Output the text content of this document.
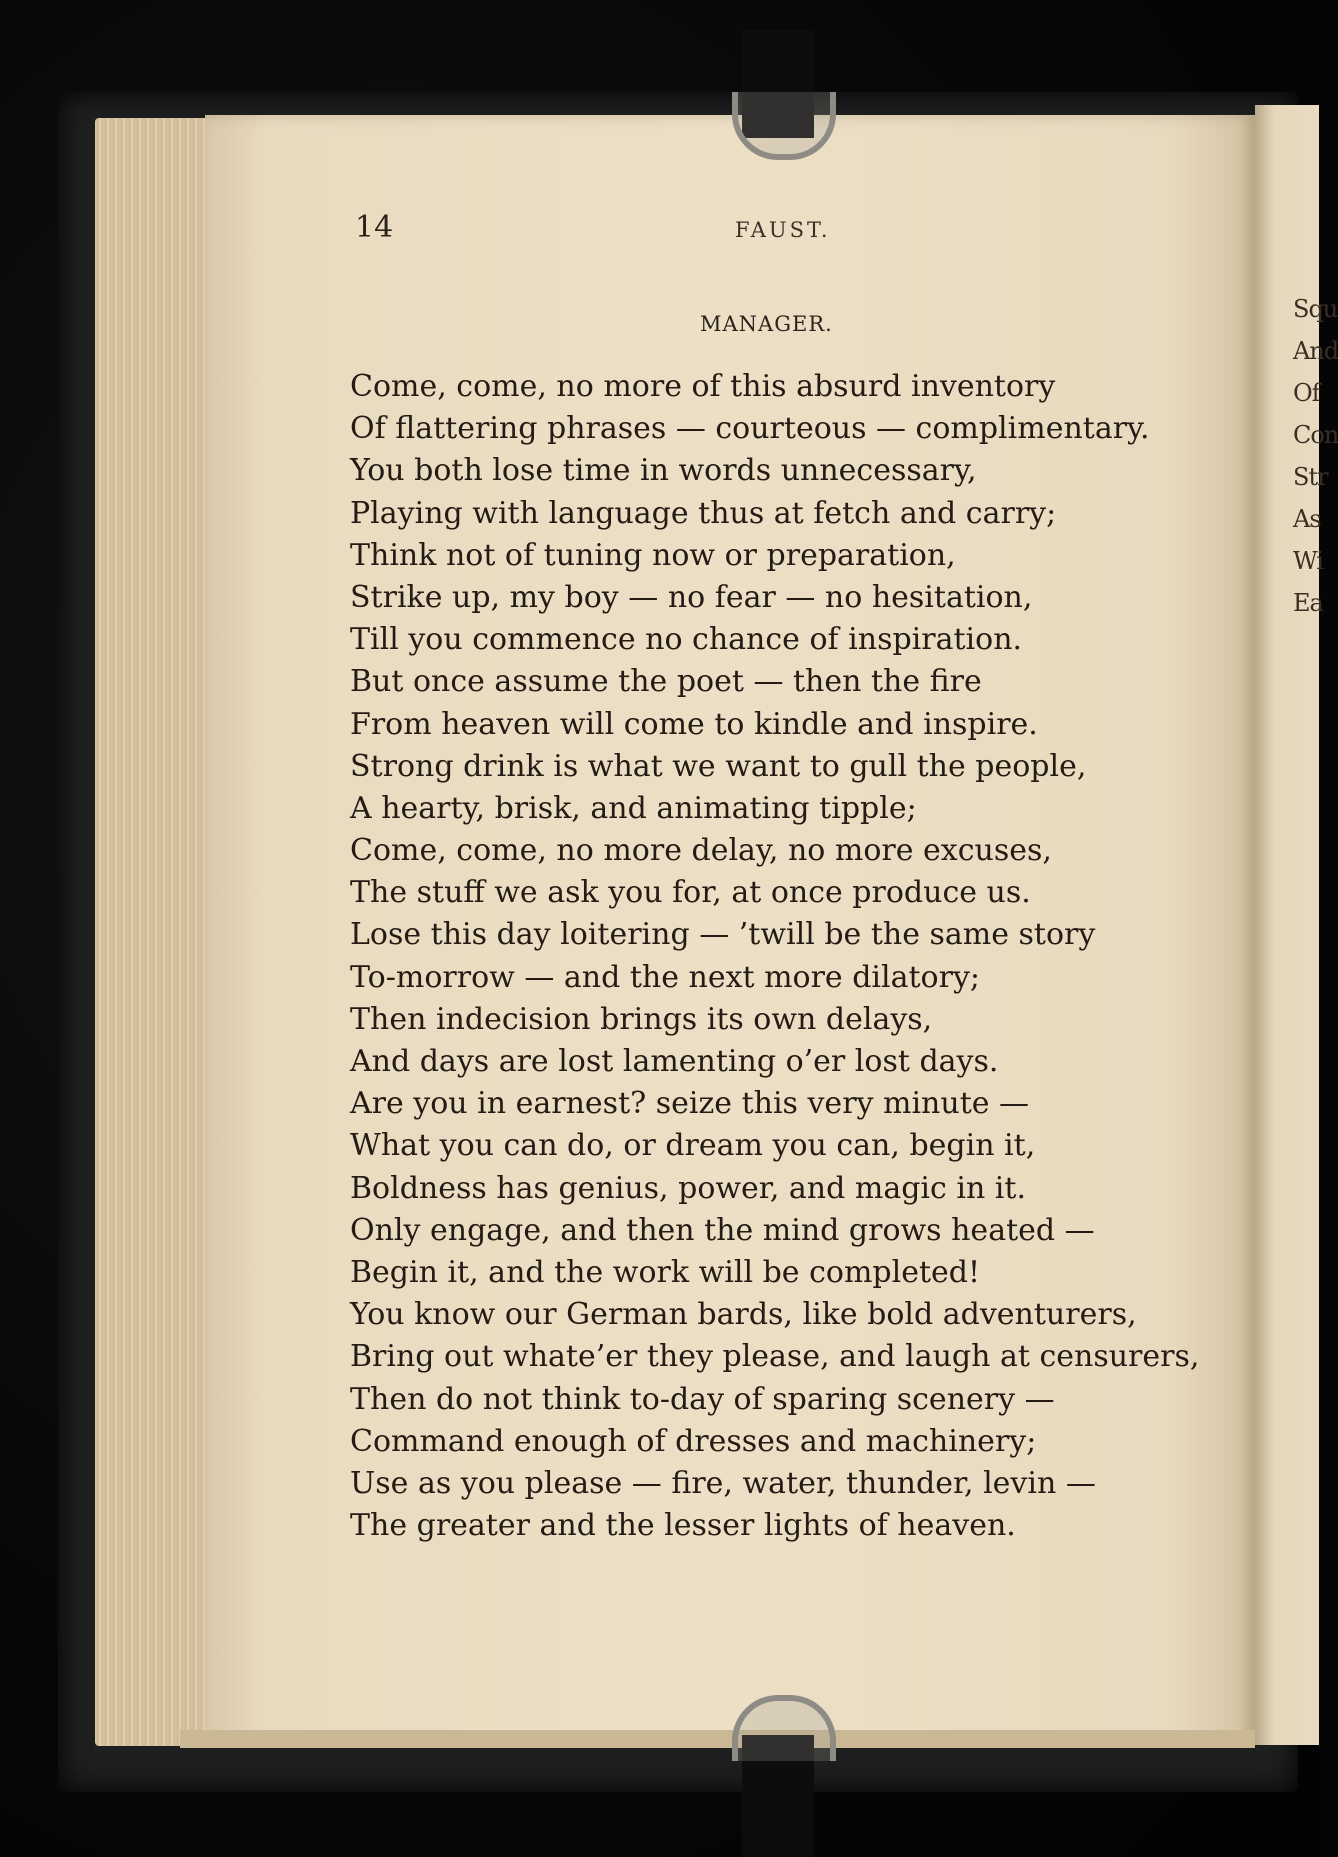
Squ
And
Of
Con
Str
As
Wi
Ea
14	FAUST.
MANAGER.
Come, come, no more of this absurd inventory
Of flattering phrases — courteous — complimentary.
You both lose time in words unnecessary,
Playing with language thus at fetch and carry;
Think not of tuning now or preparation,
Strike up, my boy — no fear — no hesitation,
Till you commence no chance of inspiration.
But once assume the poet — then the fire
From heaven will come to kindle and inspire.
Strong drink is what we want to gull the people,
A hearty, brisk, and animating tipple;
Come, come, no more delay, no more excuses,
The stuff we ask you for, at once produce us.
Lose this day loitering — ’twill be the same story
To-morrow — and the next more dilatory;
Then indecision brings its own delays,
And days are lost lamenting o’er lost days.
Are you in earnest? seize this very minute —
What you can do, or dream you can, begin it,
Boldness has genius, power, and magic in it.
Only engage, and then the mind grows heated —
Begin it, and the work will be completed!
You know our German bards, like bold adventurers,
Bring out whate’er they please, and laugh at censurers,
Then do not think to-day of sparing scenery —
Command enough of dresses and machinery;
Use as you please — fire, water, thunder, levin —
The greater and the lesser lights of heaven.
